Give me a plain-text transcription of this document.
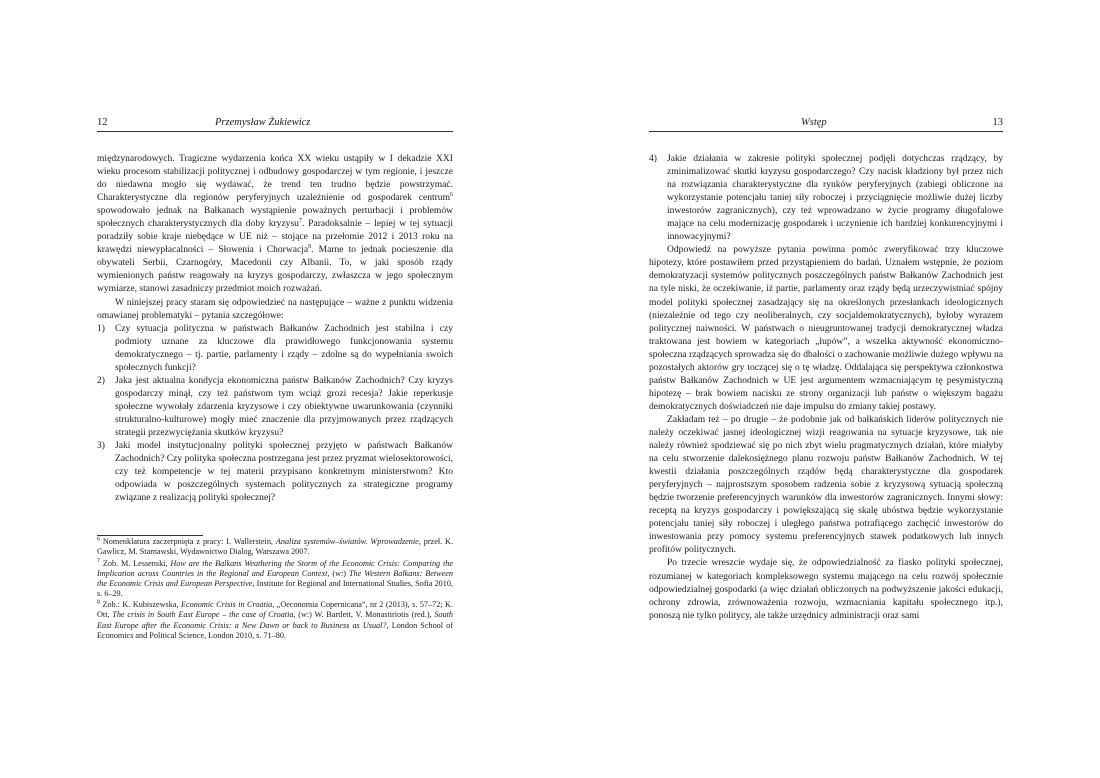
12	Przemysław Żukiewicz

międzynarodowych. Tragiczne wydarzenia końca XX wieku ustąpiły w I dekadzie XXI wieku procesom stabilizacji politycznej i odbudowy gospodarczej w tym regionie, i jeszcze do niedawna mogło się wydawać, że trend ten trudno będzie powstrzymać. Charakterystyczne dla regionów peryferyjnych uzależnienie od gospodarek centrum$^6$ spowodowało jednak na Bałkanach wystąpienie poważnych perturbacji i problemów społecznych charakterystycznych dla doby kryzysu$^7$. Paradoksalnie – lepiej w tej sytuacji poradziły sobie kraje niebędące w UE niż – stojące na przełomie 2012 i 2013 roku na krawędzi niewypłacalności – Słowenia i Chorwacja$^8$. Marne to jednak pocieszenie dla obywateli Serbii, Czarnogóry, Macedonii czy Albanii. To, w jaki sposób rządy wymienionych państw reagowały na kryzys gospodarczy, zwłaszcza w jego społecznym wymiarze, stanowi zasadniczy przedmiot moich rozważań.

W niniejszej pracy staram się odpowiedzieć na następujące – ważne z punktu widzenia omawianej problematyki – pytania szczegółowe:

1)	Czy sytuacja polityczna w państwach Bałkanów Zachodnich jest stabilna i czy podmioty uznane za kluczowe dla prawidłowego funkcjonowania systemu demokratycznego – tj. partie, parlamenty i rządy – zdolne są do wypełniania swoich społecznych funkcji?
2)	Jaka jest aktualna kondycja ekonomiczna państw Bałkanów Zachodnich? Czy kryzys gospodarczy minął, czy też państwom tym wciąż grozi recesja? Jakie reperkusje społeczne wywołały zdarzenia kryzysowe i czy obiektywne uwarunkowania (czynniki strukturalno-kulturowe) mogły mieć znaczenie dla przyjmowanych przez rządzących strategii przezwyciężania skutków kryzysu?
3)	Jaki model instytucjonalny polityki społecznej przyjęto w państwach Bałkanów Zachodnich? Czy polityka społeczna postrzegana jest przez pryzmat wielosektorowości, czy też kompetencje w tej materii przypisano konkretnym ministerstwom? Kto odpowiada w poszczególnych systemach politycznych za strategiczne programy związane z realizacją polityki społecznej?

$^6$ Nomenklatura zaczerpnięta z pracy: I. Wallerstein, Analiza systemów–światów. Wprowadzenie, przeł. K. Gawlicz, M. Starnawski, Wydawnictwo Dialog, Warszawa 2007.

$^7$ Zob. M. Lessenski, How are the Balkans Weathering the Storm of the Economic Crisis: Comparing the Implication across Countries in the Regional and European Context, (w:) The Western Balkans: Between the Economic Crisis and European Perspective, Institute for Regional and International Studies, Sofia 2010, s. 6–29.

$^8$ Zob.: K. Kubiszewska, Economic Crisis in Croatia, „Oeconomia Copernicana”, nr 2 (2013), s. 57–72; K. Ott, The crisis in South East Europe – the case of Croatia, (w:) W. Bartlett, V. Monastiriotis (red.), South East Europe after the Economic Crisis: a New Dawn or back to Business as Usual?, London School of Economics and Political Science, London 2010, s. 71–80.

Wstęp	13
4)	Jakie działania w zakresie polityki społecznej podjęli dotychczas rządzący, by zminimalizować skutki kryzysu gospodarczego? Czy nacisk kładziony był przez nich na rozwiązania charakterystyczne dla rynków peryferyjnych (zabiegi obliczone na wykorzystanie potencjału taniej siły roboczej i przyciągnięcie możliwie dużej liczby inwestorów zagranicznych), czy też wprowadzano w życie programy długofalowe mające na celu modernizację gospodarek i uczynienie ich bardziej konkurencyjnymi i innowacyjnymi?

Odpowiedź na powyższe pytania powinna pomóc zweryfikować trzy kluczowe hipotezy, które postawiłem przed przystąpieniem do badań. Uznałem wstępnie, że poziom demokratyzacji systemów politycznych poszczególnych państw Bałkanów Zachodnich jest na tyle niski, że oczekiwanie, iż partie, parlamenty oraz rządy będą urzeczywistniać spójny model polityki społecznej zasadzający się na określonych przesłankach ideologicznych (niezależnie od tego czy neoliberalnych, czy socjaldemokratycznych), byłoby wyrazem politycznej naiwności. W państwach o nieugruntowanej tradycji demokratycznej władza traktowana jest bowiem w kategoriach „łupów”, a wszelka aktywność ekonomiczno-społeczna rządzących sprowadza się do dbałości o zachowanie możliwie dużego wpływu na pozostałych aktorów gry toczącej się o tę władzę. Oddalająca się perspektywa członkostwa państw Bałkanów Zachodnich w UE jest argumentem wzmacniającym tę pesymistyczną hipotezę – brak bowiem nacisku ze strony organizacji lub państw o większym bagażu demokratycznych doświadczeń nie daje impulsu do zmiany takiej postawy.

Zakładam też – po drugie – że podobnie jak od bałkańskich liderów politycznych nie należy oczekiwać jasnej ideologicznej wizji reagowania na sytuacje kryzysowe, tak nie należy również spodziewać się po nich zbyt wielu pragmatycznych działań, które miałyby na celu stworzenie dalekosiężnego planu rozwoju państw Bałkanów Zachodnich. W tej kwestii działania poszczególnych rządów będą charakterystyczne dla gospodarek peryferyjnych – najprostszym sposobem radzenia sobie z kryzysową sytuacją społeczną będzie tworzenie preferencyjnych warunków dla inwestorów zagranicznych. Innymi słowy: receptą na kryzys gospodarczy i powiększającą się skalę ubóstwa będzie wykorzystanie potencjału taniej siły roboczej i uległego państwa potrafiącego zachęcić inwestorów do inwestowania przy pomocy systemu preferencyjnych stawek podatkowych lub innych profitów politycznych.

Po trzecie wreszcie wydaje się, że odpowiedzialność za fiasko polityki społecznej, rozumianej w kategoriach kompleksowego systemu mającego na celu rozwój społecznie odpowiedzialnej gospodarki (a więc działań obliczonych na podwyższenie jakości edukacji, ochrony zdrowia, zrównoważenia rozwoju, wzmacniania kapitału społecznego itp.), ponoszą nie tylko politycy, ale także urzędnicy administracji oraz sami
